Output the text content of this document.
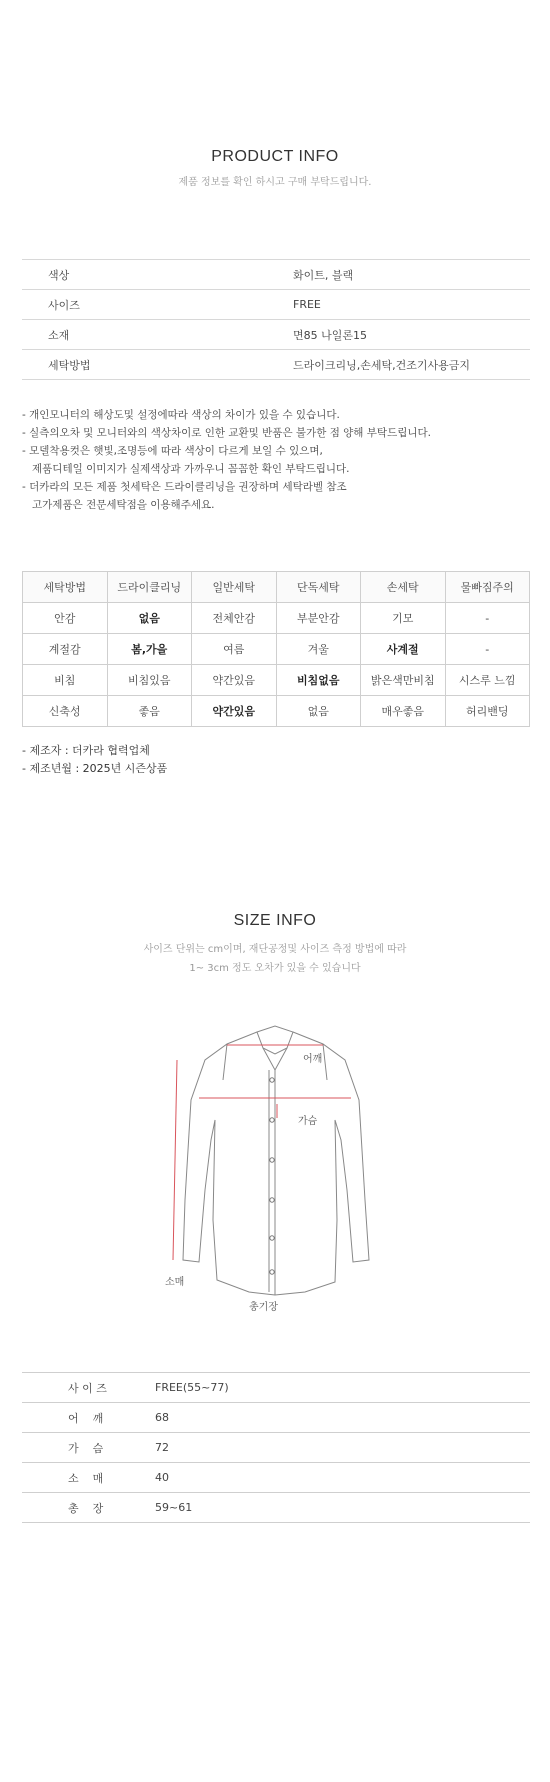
PRODUCT INFO
제품 정보를 확인 하시고 구매 부탁드립니다.
색상	화이트, 블랙
사이즈	FREE
소재	면85 나일론15
세탁방법	드라이크리닝,손세탁,건조기사용금지
- 개인모니터의 해상도및 설정에따라 색상의 차이가 있을 수 있습니다.
- 실측의오차 및 모니터와의 색상차이로 인한 교환및 반품은 불가한 점 양해 부탁드립니다.
- 모델착용컷은 햇빛,조명등에 따라 색상이 다르게 보일 수 있으며,
제품디테일 이미지가 실제색상과 가까우니 꼼꼼한 확인 부탁드립니다.
- 더카라의 모든 제품 첫세탁은 드라이클리닝을 권장하며 세탁라벨 참조
고가제품은 전문세탁점을 이용해주세요.
세탁방법	드라이클리닝	일반세탁	단독세탁	손세탁	물빠짐주의
안감	없음	전체안감	부분안감	기모	-
계절감	봄,가을	여름	겨울	사계절	-
비침	비침있음	약간있음	비침없음	밝은색만비침	시스루 느낌
신축성	좋음	약간있음	없음	매우좋음	허리밴딩
- 제조자 : 더카라 협력업체
- 제조년월 : 2025년 시즌상품
SIZE INFO
사이즈 단위는 cm이며, 재단공정및 사이즈 측정 방법에 따라
1~ 3cm 정도 오차가 있을 수 있습니다
어깨
가슴
소매
총기장
사 이 즈	FREE(55~77)
어    깨	68
가    슴	72
소    매	40
총    장	59~61
